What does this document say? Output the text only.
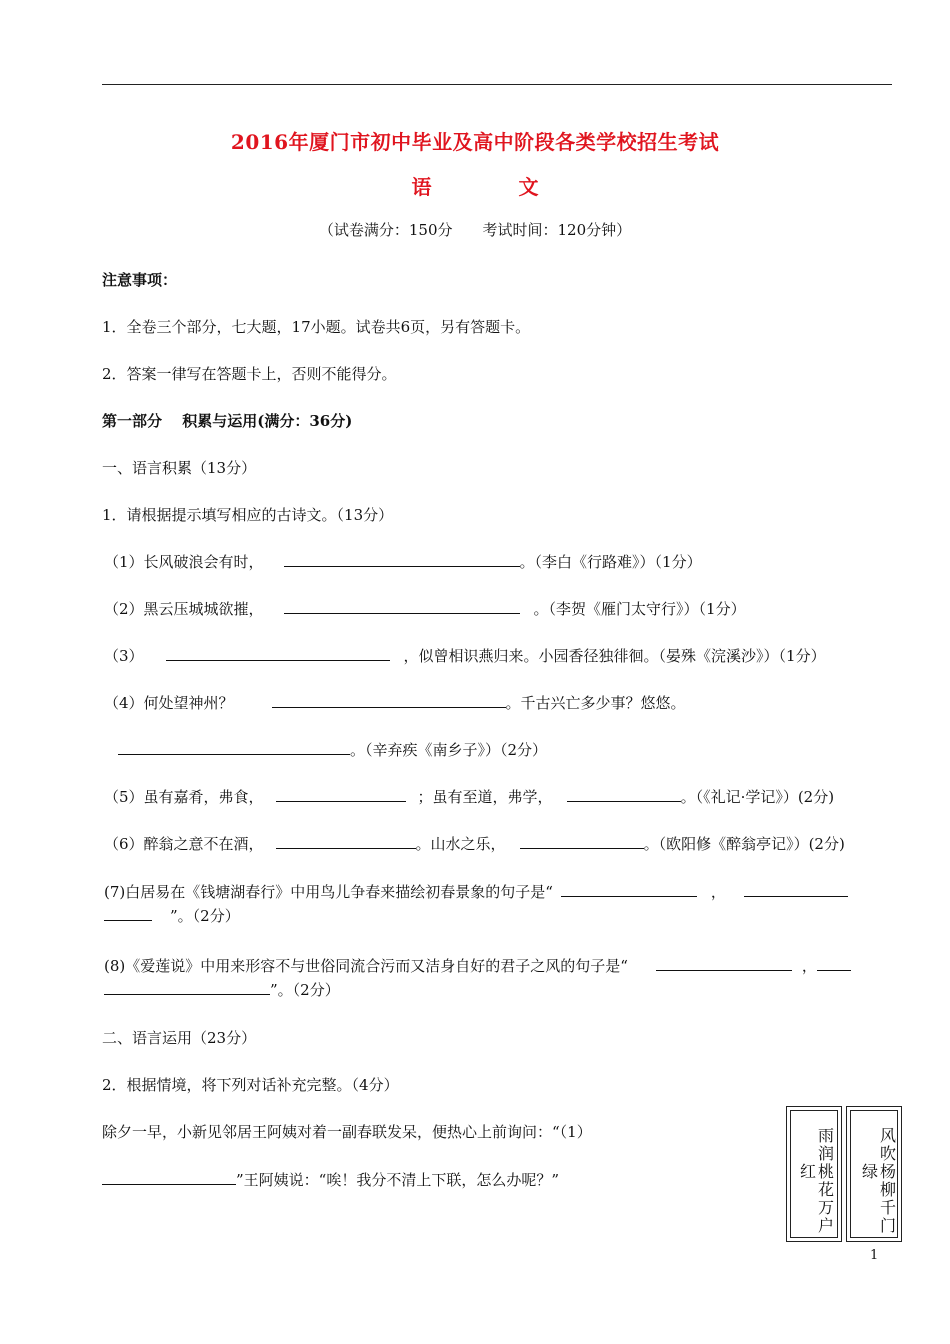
2016年厦门市初中毕业及高中阶段各类学校招生考试
语	文
（试卷满分：150分　　考试时间：120分钟）
注意事项：
1．全卷三个部分，七大题，17小题。试卷共6页，另有答题卡。
2．答案一律写在答题卡上，否则不能得分。
第一部分　 积累与运用(满分：36分)
一、语言积累（13分）
1．请根据提示填写相应的古诗文。（13分）
（1）长风破浪会有时，	。（李白《行路难》）（1分）
（2）黑云压城城欲摧，	。（李贺《雁门太守行》）（1分）
（3）	，似曾相识燕归来。小园香径独徘徊。（晏殊《浣溪沙》）（1分）
（4）何处望神州？	。千古兴亡多少事？悠悠。
。（辛弃疾《南乡子》）（2分）
（5）虽有嘉肴，弗食，	；虽有至道，弗学，	。（《礼记·学记》）(2分)
（6）醉翁之意不在酒，	。山水之乐，	。（欧阳修《醉翁亭记》）(2分)
(7)白居易在《钱塘湖春行》中用鸟儿争春来描绘初春景象的句子是“	，
”。（2分）
(8)《爱莲说》中用来形容不与世俗同流合污而又洁身自好的君子之风的句子是“	，
”。（2分）
二、语言运用（23分）
2．根据情境，将下列对话补充完整。（4分）
除夕一早，小新见邻居王阿姨对着一副春联发呆，便热心上前询问：“（1）
”王阿姨说：“唉！我分不清上下联，怎么办呢？”
雨润桃花万户
红
风吹杨柳千门
绿
1
